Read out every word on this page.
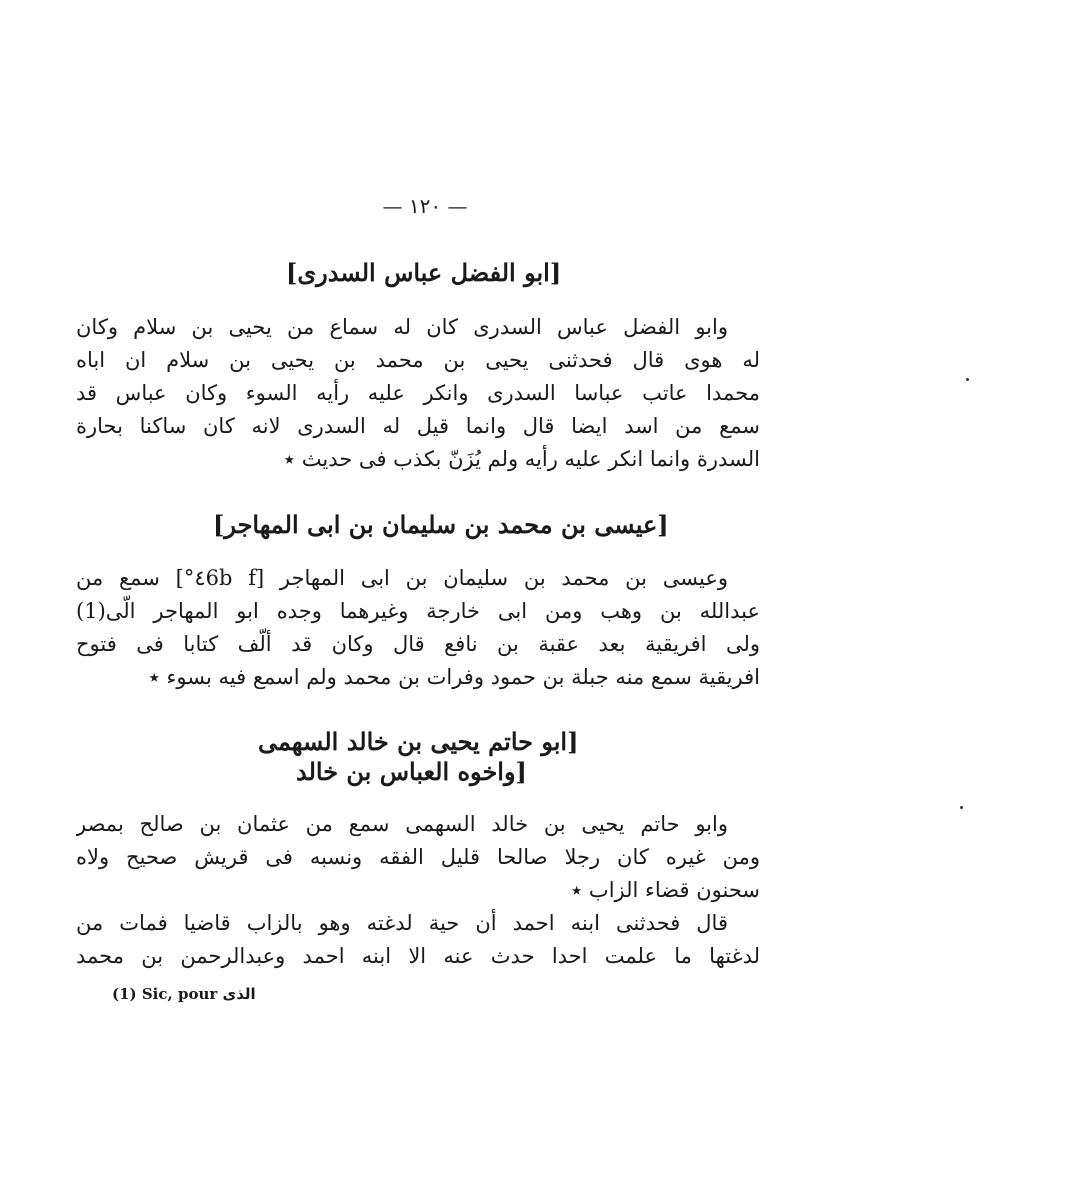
— ١٢٠ —
[ابو الفضل عباس السدرى]
وابو الفضل عباس السدرى كان له سماع من يحيى بن سلام وكان
له هوى قال فحدثنى يحيى بن محمد بن يحيى بن سلام ان اباه
محمدا عاتب عباسا السدرى وانكر عليه رأيه السوء وكان عباس قد
سمع من اسد ايضا قال وانما قيل له السدرى لانه كان ساكنا بحارة
السدرة وانما انكر عليه رأيه ولم يُزَنّ بكذب فى حديث ٭
[عيسى بن محمد بن سليمان بن ابى المهاجر]
وعيسى بن محمد بن سليمان بن ابى المهاجر [٤6b f°] سمع من
عبدالله بن وهب ومن ابى خارجة وغيرهما وجده ابو المهاجر الّى(1)
ولى افريقية بعد عقبة بن نافع قال وكان قد ألّف كتابا فى فتوح
افريقية سمع منه جبلة بن حمود وفرات بن محمد ولم اسمع فيه بسوء ٭
[ابو حاتم يحيى بن خالد السهمى
[واخوه العباس بن خالد
وابو حاتم يحيى بن خالد السهمى سمع من عثمان بن صالح بمصر
ومن غيره كان رجلا صالحا قليل الفقه ونسبه فى قريش صحيح ولاه
سحنون قضاء الزاب ٭
قال فحدثنى ابنه احمد أن حية لدغته وهو بالزاب قاضيا فمات من
لدغتها ما علمت احدا حدث عنه الا ابنه احمد وعبدالرحمن بن محمد
(1) Sic, pour الذى
